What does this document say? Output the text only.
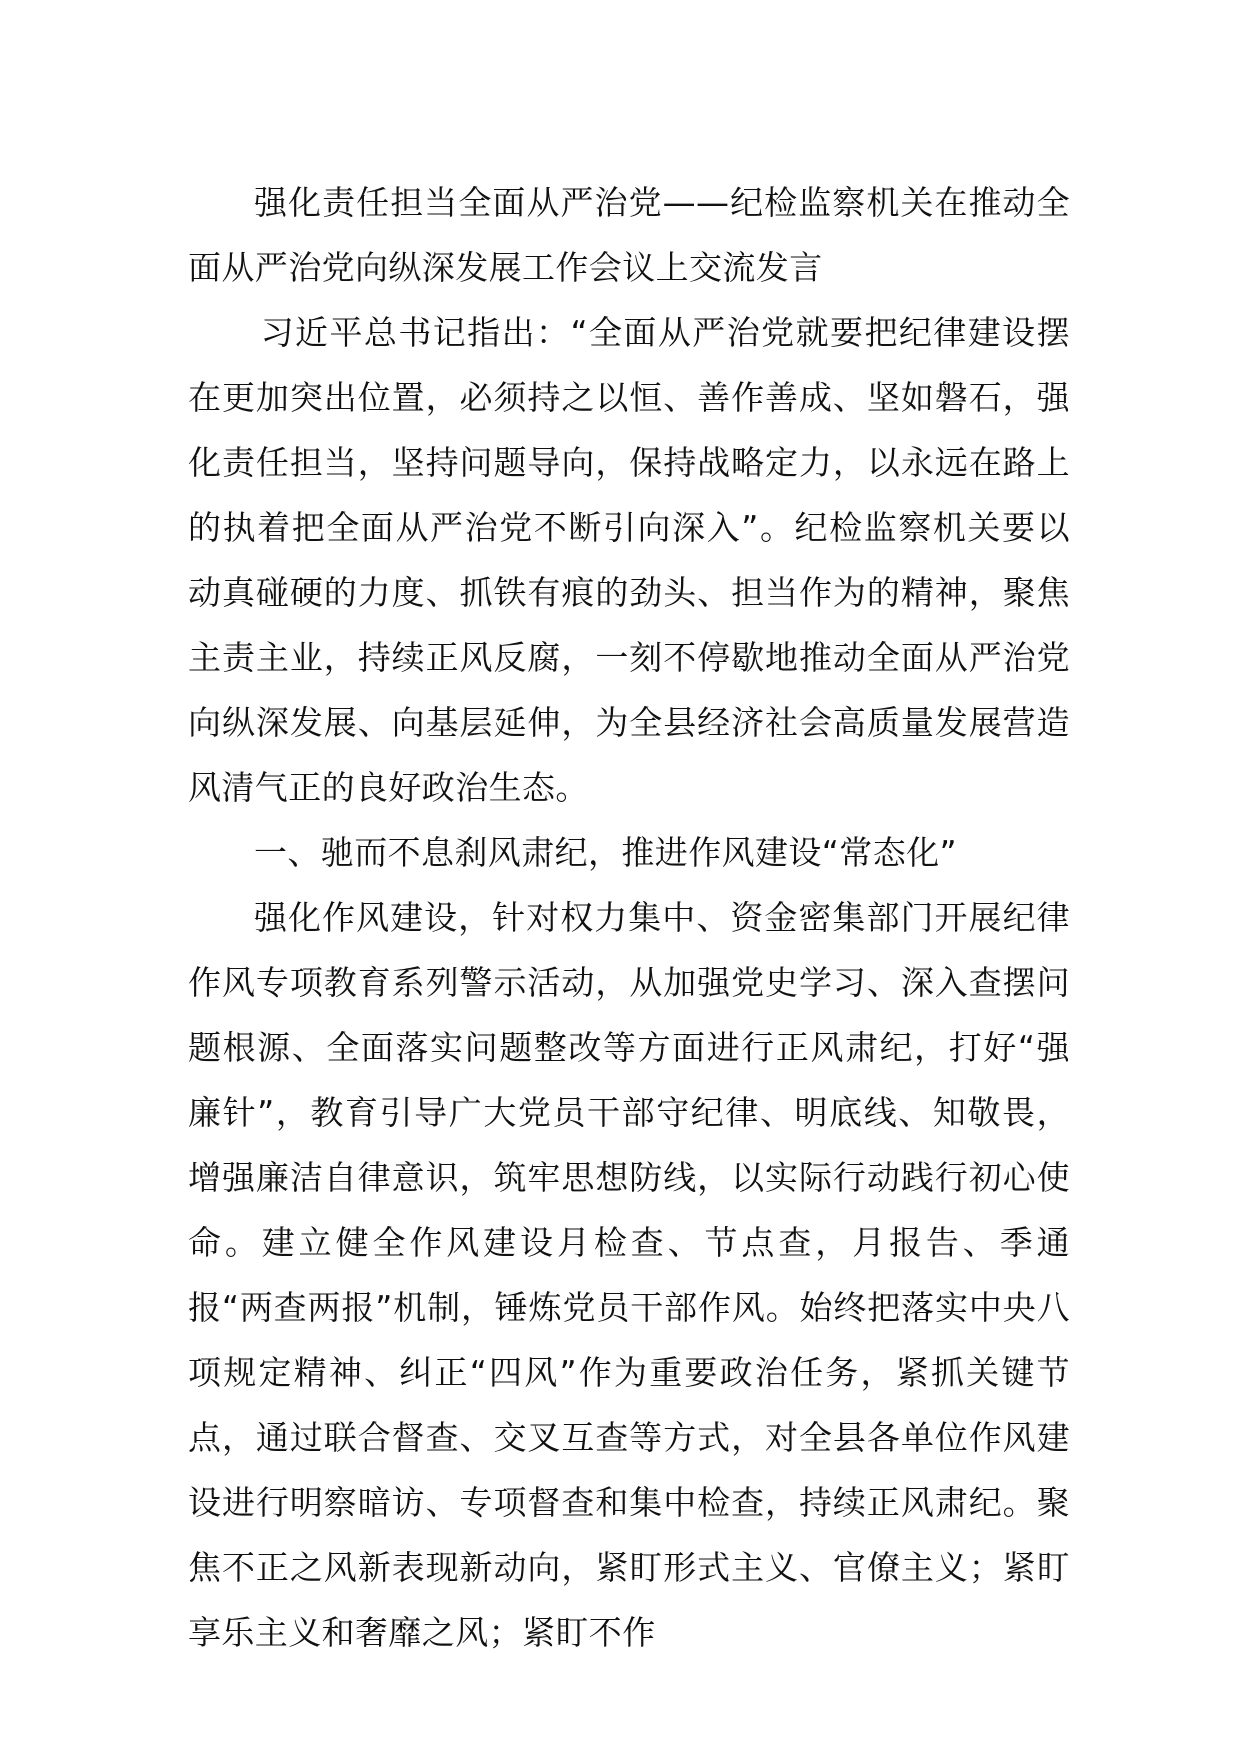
强化责任担当全面从严治党——纪检监察机关在推动全面从严治党向纵深发展工作会议上交流发言

习近平总书记指出：“全面从严治党就要把纪律建设摆在更加突出位置，必须持之以恒、善作善成、坚如磐石，强化责任担当，坚持问题导向，保持战略定力，以永远在路上的执着把全面从严治党不断引向深入”。纪检监察机关要以动真碰硬的力度、抓铁有痕的劲头、担当作为的精神，聚焦主责主业，持续正风反腐，一刻不停歇地推动全面从严治党向纵深发展、向基层延伸，为全县经济社会高质量发展营造风清气正的良好政治生态。

一、驰而不息刹风肃纪，推进作风建设“常态化”

强化作风建设，针对权力集中、资金密集部门开展纪律作风专项教育系列警示活动，从加强党史学习、深入查摆问题根源、全面落实问题整改等方面进行正风肃纪，打好“强廉针”，教育引导广大党员干部守纪律、明底线、知敬畏，增强廉洁自律意识，筑牢思想防线，以实际行动践行初心使命。建立健全作风建设月检查、节点查，月报告、季通报“两查两报”机制，锤炼党员干部作风。始终把落实中央八项规定精神、纠正“四风”作为重要政治任务，紧抓关键节点，通过联合督查、交叉互查等方式，对全县各单位作风建设进行明察暗访、专项督查和集中检查，持续正风肃纪。聚焦不正之风新表现新动向，紧盯形式主义、官僚主义；紧盯享乐主义和奢靡之风；紧盯不作
